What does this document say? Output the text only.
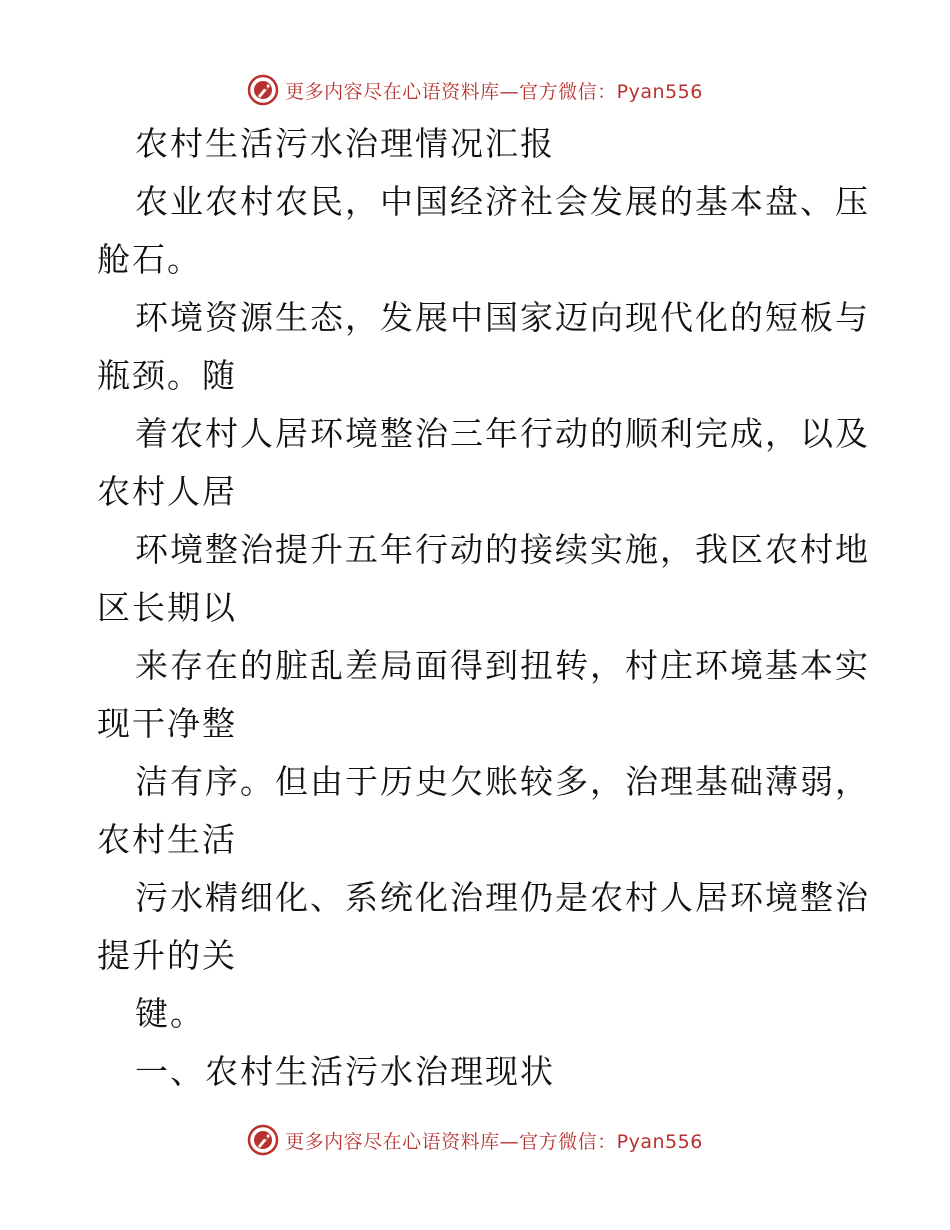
更多内容尽在心语资料库—官方微信：Pyan556
农村生活污水治理情况汇报
农业农村农民，中国经济社会发展的基本盘、压
舱石。
环境资源生态，发展中国家迈向现代化的短板与
瓶颈。随
着农村人居环境整治三年行动的顺利完成，以及
农村人居
环境整治提升五年行动的接续实施，我区农村地
区长期以
来存在的脏乱差局面得到扭转，村庄环境基本实
现干净整
洁有序。但由于历史欠账较多，治理基础薄弱，
农村生活
污水精细化、系统化治理仍是农村人居环境整治
提升的关
键。
一、农村生活污水治理现状
更多内容尽在心语资料库—官方微信：Pyan556
